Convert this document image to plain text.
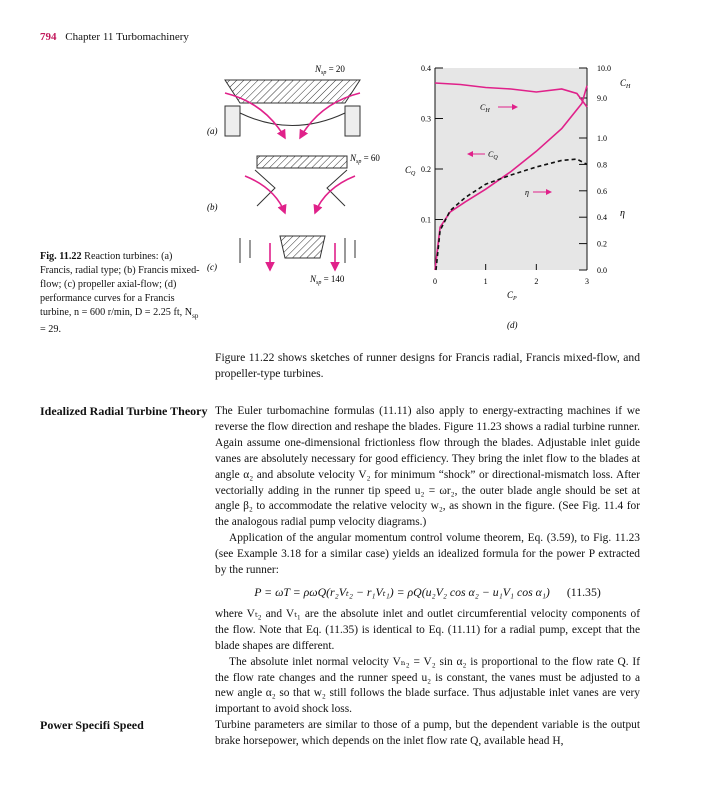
794 Chapter 11 Turbomachinery
$N_{sp} = 20$
(a)
$N_{sp} = 60$
(b)
(c)
$N_{sp} = 140$	0	1	2	3
0.1
0.2
0.3
0.4	10.0
9.0
1.0
0.8
0.6
0.4
0.2
0.0
$C_H$
$C_Q$
η
$C_Q$
$C_P$
$C_H$
η
(d)
Fig. 11.22 Reaction turbines: (a) Francis, radial type; (b) Francis mixed-flow; (c) propeller axial-flow; (d) performance curves for a Francis turbine, n = 600 r/min, D = 2.25 ft, $N_{sp} = 29$.
Figure 11.22 shows sketches of runner designs for Francis radial, Francis mixed-flow, and propeller-type turbines.
Idealized Radial Turbine Theory The Euler turbomachine formulas (11.11) also apply to energy-extracting machines if we reverse the flow direction and reshape the blades. Figure 11.23 shows a radial turbine runner. Again assume one-dimensional frictionless flow through the blades. Adjustable inlet guide vanes are absolutely necessary for good efficiency. They bring the inlet flow to the blades at angle α₂ and absolute velocity V₂ for minimum “shock” or directional-mismatch loss. After vectorially adding in the runner tip speed u₂ = ωr₂, the outer blade angle should be set at angle β₂ to accommodate the relative velocity w₂, as shown in the figure. (See Fig. 11.4 for the analogous radial pump velocity diagrams.)

Application of the angular momentum control volume theorem, Eq. (3.59), to Fig. 11.23 (see Example 3.18 for a similar case) yields an idealized formula for the power P extracted by the runner:

P = ωT = ρωQ(r₂Vₜ₂ − r₁Vₜ₁) = ρQ(u₂V₂ cos α₂ − u₁V₁ cos α₁) (11.35)

where Vₜ₂ and Vₜ₁ are the absolute inlet and outlet circumferential velocity components of the flow. Note that Eq. (11.35) is identical to Eq. (11.11) for a radial pump, except that the blade shapes are different.

The absolute inlet normal velocity Vₙ₂ = V₂ sin α₂ is proportional to the flow rate Q. If the flow rate changes and the runner speed u₂ is constant, the vanes must be adjusted to a new angle α₂ so that w₂ still follows the blade surface. Thus adjustable inlet vanes are very important to avoid shock loss.

Power Specifi Speed	Turbine parameters are similar to those of a pump, but the dependent variable is the output brake horsepower, which depends on the inlet flow rate Q, available head H,
